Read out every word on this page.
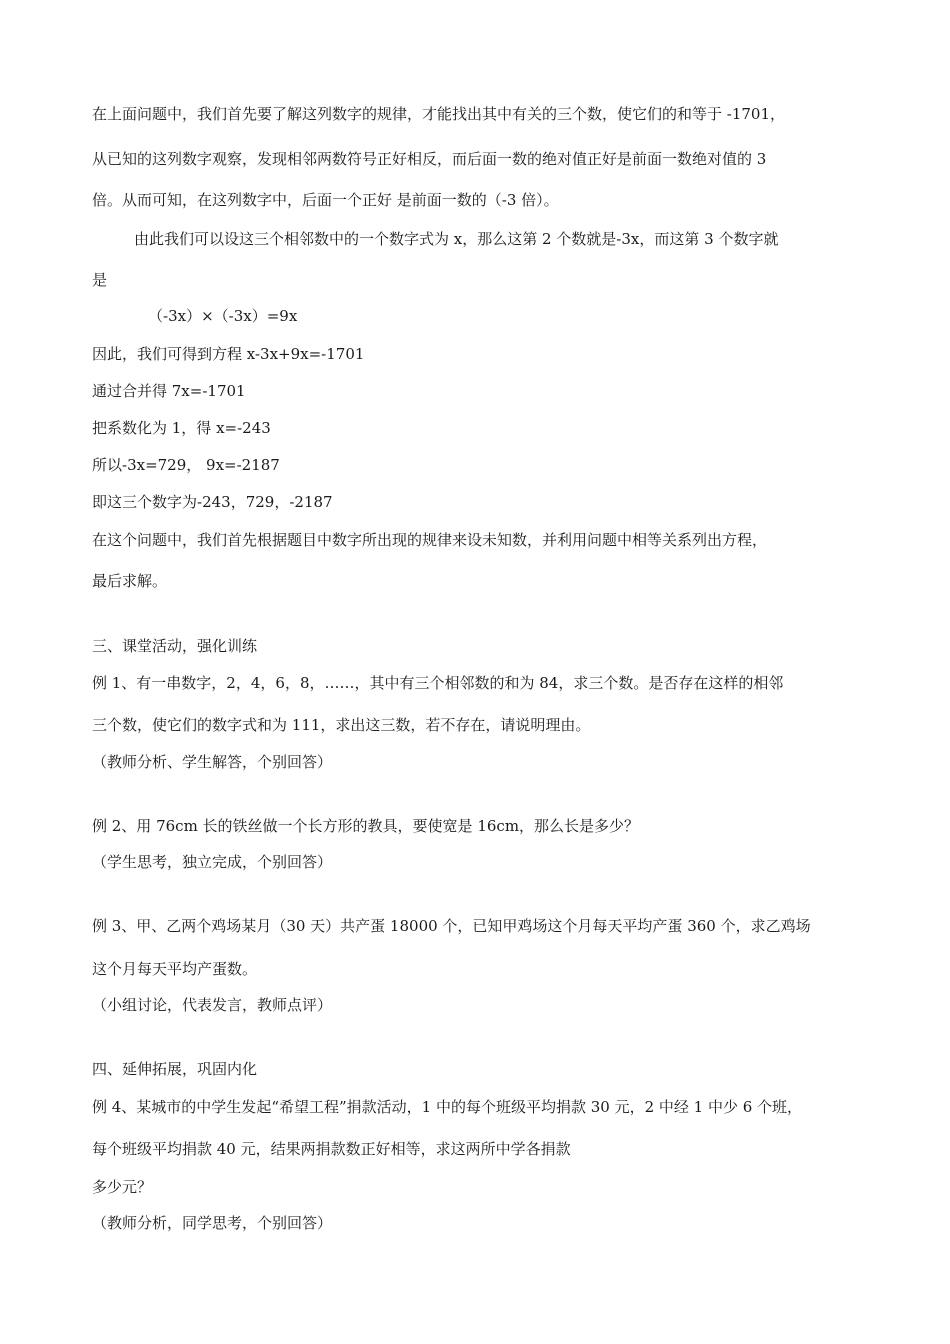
在上面问题中，我们首先要了解这列数字的规律，才能找出其中有关的三个数，使它们的和等于 -1701，
从已知的这列数字观察，发现相邻两数符号正好相反，而后面一数的绝对值正好是前面一数绝对值的 3
倍。从而可知，在这列数字中，后面一个正好 是前面一数的（-3 倍）。
由此我们可以设这三个相邻数中的一个数字式为 x，那么这第 2 个数就是-3x，而这第 3 个数字就
是
（-3x）×（-3x）=9x
因此，我们可得到方程 x-3x+9x=-1701
通过合并得 7x=-1701
把系数化为 1，得 x=-243
所以-3x=729， 9x=-2187
即这三个数字为-243，729，-2187
在这个问题中，我们首先根据题目中数字所出现的规律来设未知数，并利用问题中相等关系列出方程，
最后求解。
三、课堂活动，强化训练
例 1、有一串数字，2，4，6，8，……，其中有三个相邻数的和为 84，求三个数。是否存在这样的相邻
三个数，使它们的数字式和为 111，求出这三数，若不存在，请说明理由。
（教师分析、学生解答，个别回答）
例 2、用 76cm 长的铁丝做一个长方形的教具，要使宽是 16cm，那么长是多少？
（学生思考，独立完成，个别回答）
例 3、甲、乙两个鸡场某月（30 天）共产蛋 18000 个，已知甲鸡场这个月每天平均产蛋 360 个，求乙鸡场
这个月每天平均产蛋数。
（小组讨论，代表发言，教师点评）
四、延伸拓展，巩固内化
例 4、某城市的中学生发起“希望工程”捐款活动，1 中的每个班级平均捐款 30 元，2 中经 1 中少 6 个班，
每个班级平均捐款 40 元，结果两捐款数正好相等，求这两所中学各捐款
多少元？
（教师分析，同学思考，个别回答）
